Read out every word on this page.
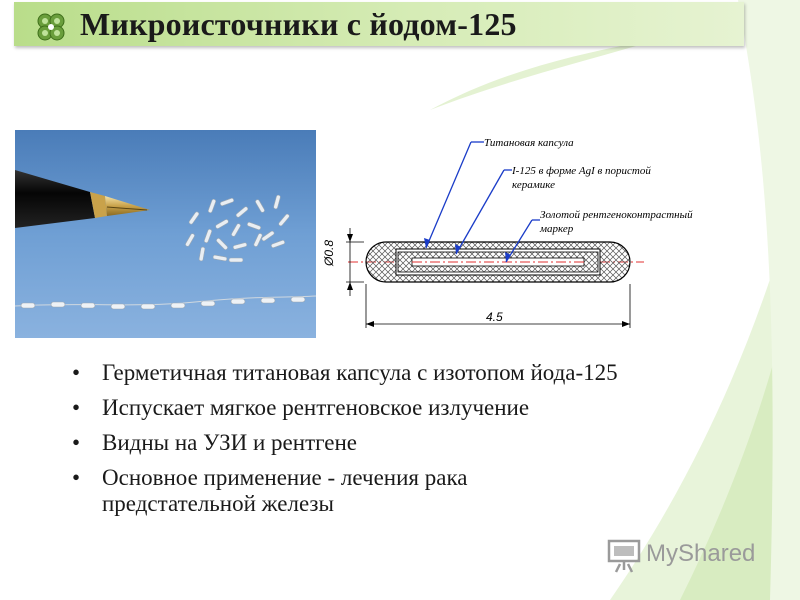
Микроисточники с йодом-125
Титановая капсула
I-125 в форме AgI в пористой
керамике
Золотой рентгеноконтрастный
маркер
Ø0.8
4.5
• Герметичная титановая капсула с изотопом йода-125
• Испускает мягкое рентгеновское излучение
• Видны на УЗИ и рентгене
• Основное применение - лечения рака предстательной железы
MyShared
